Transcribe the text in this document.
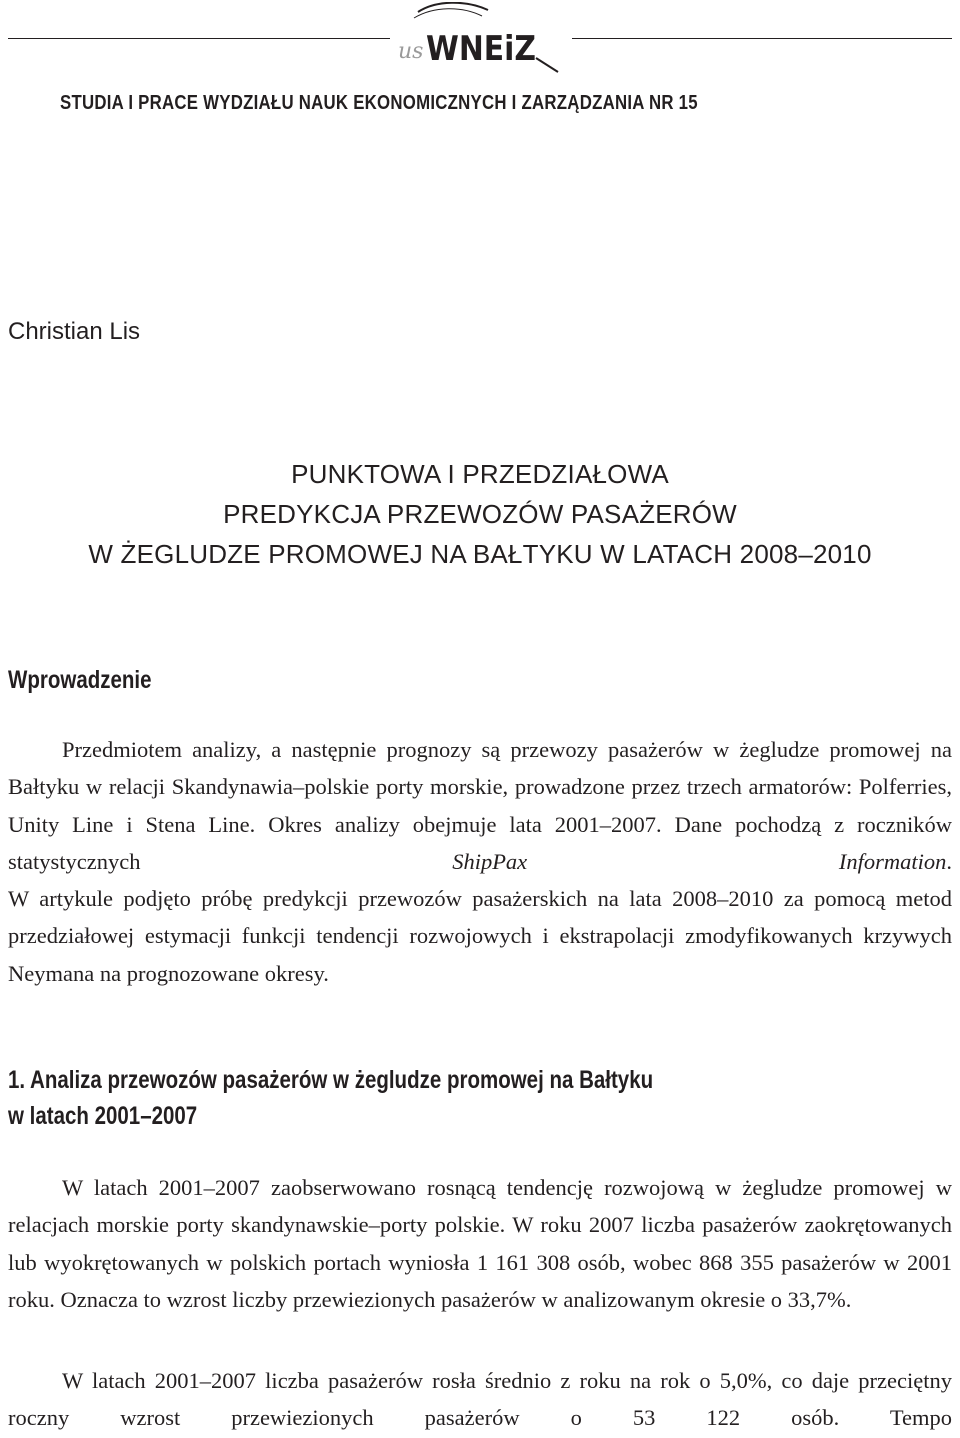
us WNEiZ
STUDIA I PRACE WYDZIAŁU NAUK EKONOMICZNYCH I ZARZĄDZANIA NR 15
Christian Lis
PUNKTOWA I PRZEDZIAŁOWA
PREDYKCJA PRZEWOZÓW PASAŻERÓW
W ŻEGLUDZE PROMOWEJ NA BAŁTYKU W LATACH 2008–2010
Wprowadzenie

Przedmiotem analizy, a następnie prognozy są przewozy pasażerów w żegludze promowej na Bałtyku w relacji Skandynawia–polskie porty morskie, prowadzone przez trzech armatorów: Polferries, Unity Line i Stena Line. Okres analizy obejmuje lata 2001–2007. Dane pochodzą z roczników statystycznych ShipPax Information.

W artykule podjęto próbę predykcji przewozów pasażerskich na lata 2008–2010 za pomocą metod przedziałowej estymacji funkcji tendencji rozwojowych i ekstrapolacji zmodyfikowanych krzywych Neymana na prognozowane okresy.

1. Analiza przewozów pasażerów w żegludze promowej na Bałtyku
w latach 2001–2007

W latach 2001–2007 zaobserwowano rosnącą tendencję rozwojową w żegludze promowej w relacjach morskie porty skandynawskie–porty polskie. W roku 2007 liczba pasażerów zaokrętowanych lub wyokrętowanych w polskich portach wyniosła 1 161 308 osób, wobec 868 355 pasażerów w 2001 roku. Oznacza to wzrost liczby przewiezionych pasażerów w analizowanym okresie o 33,7%.

W latach 2001–2007 liczba pasażerów rosła średnio z roku na rok o 5,0%, co daje przeciętny roczny wzrost przewiezionych pasażerów o 53 122 osób. Tempo
